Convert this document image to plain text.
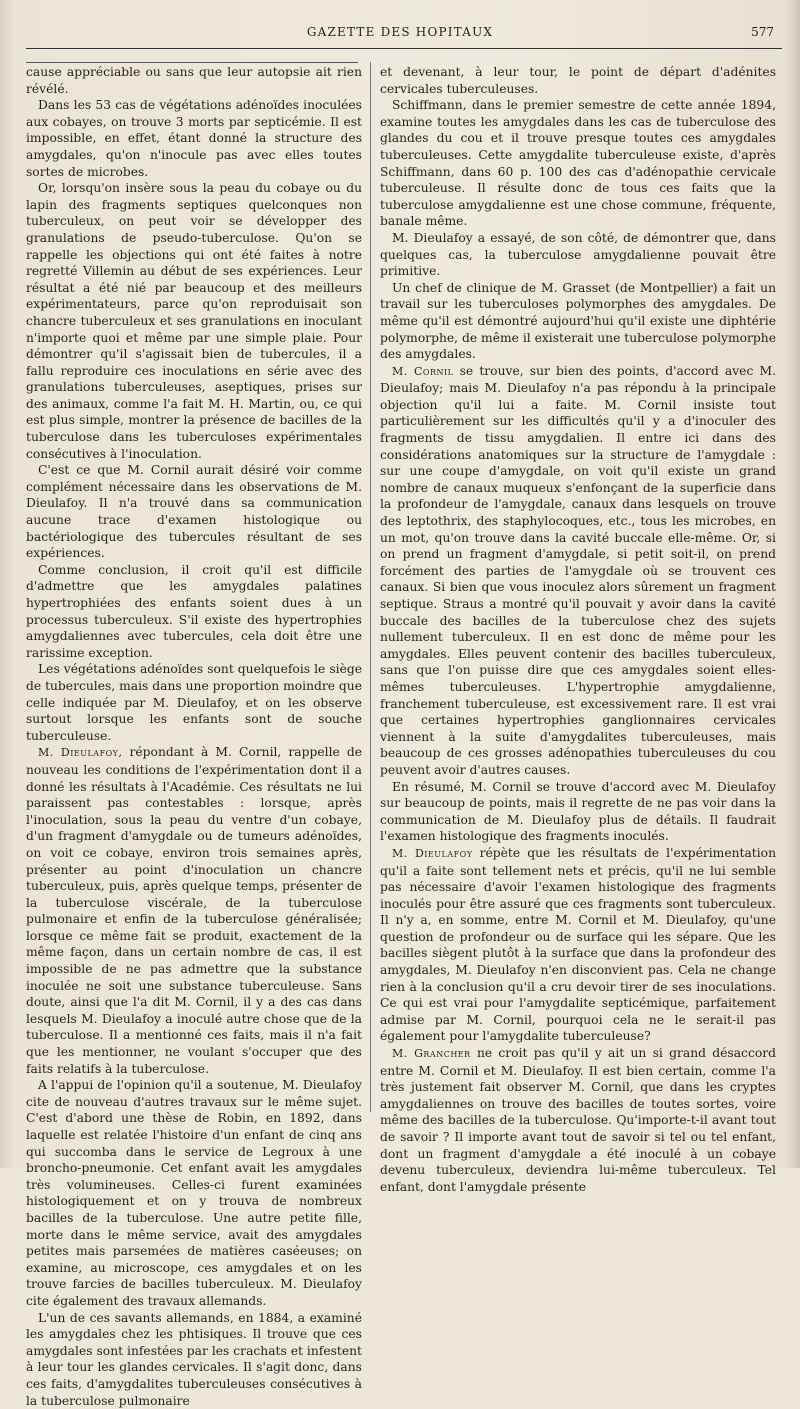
GAZETTE DES HOPITAUX	577

cause appréciable ou sans que leur autopsie ait rien révélé.

Dans les 53 cas de végétations adénoïdes inoculées aux cobayes, on trouve 3 morts par septicémie. Il est impossible, en effet, étant donné la structure des amygdales, qu'on n'inocule pas avec elles toutes sortes de microbes.

Or, lorsqu'on insère sous la peau du cobaye ou du lapin des fragments septiques quelconques non tuberculeux, on peut voir se développer des granulations de pseudo-tuberculose. Qu'on se rappelle les objections qui ont été faites à notre regretté Villemin au début de ses expériences. Leur résultat a été nié par beaucoup et des meilleurs expérimentateurs, parce qu'on reproduisait son chancre tuberculeux et ses granulations en inoculant n'importe quoi et même par une simple plaie. Pour démontrer qu'il s'agissait bien de tubercules, il a fallu reproduire ces inoculations en série avec des granulations tuberculeuses, aseptiques, prises sur des animaux, comme l'a fait M. H. Martin, ou, ce qui est plus simple, montrer la présence de bacilles de la tuberculose dans les tuberculoses expérimentales consécutives à l'inoculation.

C'est ce que M. Cornil aurait désiré voir comme complément nécessaire dans les observations de M. Dieulafoy. Il n'a trouvé dans sa communication aucune trace d'examen histologique ou bactériologique des tubercules résultant de ses expériences.

Comme conclusion, il croit qu'il est difficile d'admettre que les amygdales palatines hypertrophiées des enfants soient dues à un processus tuberculeux. S'il existe des hypertrophies amygdaliennes avec tubercules, cela doit être une rarissime exception.

Les végétations adénoïdes sont quelquefois le siège de tubercules, mais dans une proportion moindre que celle indiquée par M. Dieulafoy, et on les observe surtout lorsque les enfants sont de souche tuberculeuse.

M. Dieulafoy, répondant à M. Cornil, rappelle de nouveau les conditions de l'expérimentation dont il a donné les résultats à l'Académie. Ces résultats ne lui paraissent pas contestables : lorsque, après l'inoculation, sous la peau du ventre d'un cobaye, d'un fragment d'amygdale ou de tumeurs adénoïdes, on voit ce cobaye, environ trois semaines après, présenter au point d'inoculation un chancre tuberculeux, puis, après quelque temps, présenter de la tuberculose viscérale, de la tuberculose pulmonaire et enfin de la tuberculose généralisée; lorsque ce même fait se produit, exactement de la même façon, dans un certain nombre de cas, il est impossible de ne pas admettre que la substance inoculée ne soit une substance tuberculeuse. Sans doute, ainsi que l'a dit M. Cornil, il y a des cas dans lesquels M. Dieulafoy a inoculé autre chose que de la tuberculose. Il a mentionné ces faits, mais il n'a fait que les mentionner, ne voulant s'occuper que des faits relatifs à la tuberculose.

A l'appui de l'opinion qu'il a soutenue, M. Dieulafoy cite de nouveau d'autres travaux sur le même sujet. C'est d'abord une thèse de Robin, en 1892, dans laquelle est relatée l'histoire d'un enfant de cinq ans qui succomba dans le service de Legroux à une broncho-pneumonie. Cet enfant avait les amygdales très volumineuses. Celles-ci furent examinées histologiquement et on y trouva de nombreux bacilles de la tuberculose. Une autre petite fille, morte dans le même service, avait des amygdales petites mais parsemées de matières caséeuses; on examine, au microscope, ces amygdales et on les trouve farcies de bacilles tuberculeux. M. Dieulafoy cite également des travaux allemands.

L'un de ces savants allemands, en 1884, a examiné les amygdales chez les phtisiques. Il trouve que ces amygdales sont infestées par les crachats et infestent à leur tour les glandes cervicales. Il s'agit donc, dans ces faits, d'amygdalites tuberculeuses consécutives à la tuberculose pulmonaire

et devenant, à leur tour, le point de départ d'adénites cervicales tuberculeuses.

Schiffmann, dans le premier semestre de cette année 1894, examine toutes les amygdales dans les cas de tuberculose des glandes du cou et il trouve presque toutes ces amygdales tuberculeuses. Cette amygdalite tuberculeuse existe, d'après Schiffmann, dans 60 p. 100 des cas d'adénopathie cervicale tuberculeuse. Il résulte donc de tous ces faits que la tuberculose amygdalienne est une chose commune, fréquente, banale même.

M. Dieulafoy a essayé, de son côté, de démontrer que, dans quelques cas, la tuberculose amygdalienne pouvait être primitive.

Un chef de clinique de M. Grasset (de Montpellier) a fait un travail sur les tuberculoses polymorphes des amygdales. De même qu'il est démontré aujourd'hui qu'il existe une diphtérie polymorphe, de même il existerait une tuberculose polymorphe des amygdales.

M. Cornil se trouve, sur bien des points, d'accord avec M. Dieulafoy; mais M. Dieulafoy n'a pas répondu à la principale objection qu'il lui a faite. M. Cornil insiste tout particulièrement sur les difficultés qu'il y a d'inoculer des fragments de tissu amygdalien. Il entre ici dans des considérations anatomiques sur la structure de l'amygdale : sur une coupe d'amygdale, on voit qu'il existe un grand nombre de canaux muqueux s'enfonçant de la superficie dans la profondeur de l'amygdale, canaux dans lesquels on trouve des leptothrix, des staphylocoques, etc., tous les microbes, en un mot, qu'on trouve dans la cavité buccale elle-même. Or, si on prend un fragment d'amygdale, si petit soit-il, on prend forcément des parties de l'amygdale où se trouvent ces canaux. Si bien que vous inoculez alors sûrement un fragment septique. Straus a montré qu'il pouvait y avoir dans la cavité buccale des bacilles de la tuberculose chez des sujets nullement tuberculeux. Il en est donc de même pour les amygdales. Elles peuvent contenir des bacilles tuberculeux, sans que l'on puisse dire que ces amygdales soient elles-mêmes tuberculeuses. L'hypertrophie amygdalienne, franchement tuberculeuse, est excessivement rare. Il est vrai que certaines hypertrophies ganglionnaires cervicales viennent à la suite d'amygdalites tuberculeuses, mais beaucoup de ces grosses adénopathies tuberculeuses du cou peuvent avoir d'autres causes.

En résumé, M. Cornil se trouve d'accord avec M. Dieulafoy sur beaucoup de points, mais il regrette de ne pas voir dans la communication de M. Dieulafoy plus de détails. Il faudrait l'examen histologique des fragments inoculés.

M. Dieulafoy répète que les résultats de l'expérimentation qu'il a faite sont tellement nets et précis, qu'il ne lui semble pas nécessaire d'avoir l'examen histologique des fragments inoculés pour être assuré que ces fragments sont tuberculeux. Il n'y a, en somme, entre M. Cornil et M. Dieulafoy, qu'une question de profondeur ou de surface qui les sépare. Que les bacilles siègent plutôt à la surface que dans la profondeur des amygdales, M. Dieulafoy n'en disconvient pas. Cela ne change rien à la conclusion qu'il a cru devoir tirer de ses inoculations. Ce qui est vrai pour l'amygdalite septicémique, parfaitement admise par M. Cornil, pourquoi cela ne le serait-il pas également pour l'amygdalite tuberculeuse?

M. Grancher ne croit pas qu'il y ait un si grand désaccord entre M. Cornil et M. Dieulafoy. Il est bien certain, comme l'a très justement fait observer M. Cornil, que dans les cryptes amygdaliennes on trouve des bacilles de toutes sortes, voire même des bacilles de la tuberculose. Qu'importe-t-il avant tout de savoir ? Il importe avant tout de savoir si tel ou tel enfant, dont un fragment d'amygdale a été inoculé à un cobaye devenu tuberculeux, deviendra lui-même tuberculeux. Tel enfant, dont l'amygdale présente
